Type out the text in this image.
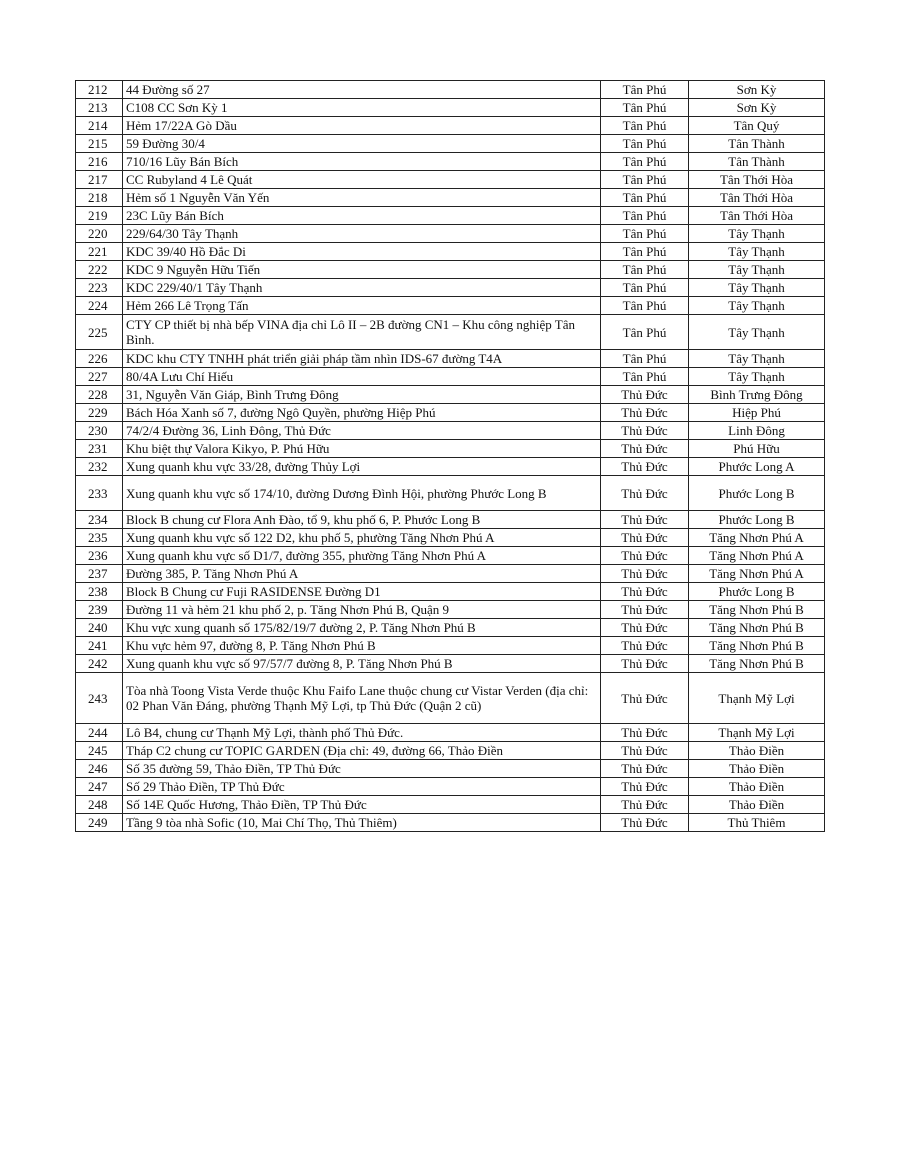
212	44 Đường số 27	Tân Phú	Sơn Kỳ
213	C108 CC Sơn Kỳ 1	Tân Phú	Sơn Kỳ
214	Hẻm 17/22A Gò Dầu	Tân Phú	Tân Quý
215	59 Đường 30/4	Tân Phú	Tân Thành
216	710/16 Lũy Bán Bích	Tân Phú	Tân Thành
217	CC Rubyland 4 Lê Quát	Tân Phú	Tân Thới Hòa
218	Hẻm số 1 Nguyễn Văn Yến	Tân Phú	Tân Thới Hòa
219	23C Lũy Bán Bích	Tân Phú	Tân Thới Hòa
220	229/64/30 Tây Thạnh	Tân Phú	Tây Thạnh
221	KDC 39/40 Hồ Đắc Di	Tân Phú	Tây Thạnh
222	KDC 9 Nguyễn Hữu Tiến	Tân Phú	Tây Thạnh
223	KDC 229/40/1 Tây Thạnh	Tân Phú	Tây Thạnh
224	Hẻm 266 Lê Trọng Tấn	Tân Phú	Tây Thạnh
225	CTY CP thiết bị nhà bếp VINA địa chỉ Lô II – 2B đường CN1 – Khu công nghiệp Tân Bình.	Tân Phú	Tây Thạnh
226	KDC khu CTY TNHH phát triển giải pháp tầm nhìn IDS-67 đường T4A	Tân Phú	Tây Thạnh
227	80/4A Lưu Chí Hiếu	Tân Phú	Tây Thạnh
228	31, Nguyễn Văn Giáp, Bình Trưng Đông	Thủ Đức	Bình Trưng Đông
229	Bách Hóa Xanh số 7, đường Ngô Quyền, phường Hiệp Phú	Thủ Đức	Hiệp Phú
230	74/2/4 Đường 36, Linh Đông, Thủ Đức	Thủ Đức	Linh Đông
231	Khu biệt thự Valora Kikyo, P. Phú Hữu	Thủ Đức	Phú Hữu
232	Xung quanh khu vực 33/28, đường Thủy Lợi	Thủ Đức	Phước Long A
233	Xung quanh khu vực số 174/10, đường Dương Đình Hội, phường Phước Long B	Thủ Đức	Phước Long B
234	Block B chung cư Flora Anh Đào, tổ 9, khu phố 6, P. Phước Long B	Thủ Đức	Phước Long B
235	Xung quanh khu vực số 122 D2, khu phố 5, phường Tăng Nhơn Phú A	Thủ Đức	Tăng Nhơn Phú A
236	Xung quanh khu vực số D1/7, đường 355, phường Tăng Nhơn Phú A	Thủ Đức	Tăng Nhơn Phú A
237	Đường 385, P. Tăng Nhơn Phú A	Thủ Đức	Tăng Nhơn Phú A
238	Block B Chung cư Fuji RASIDENSE Đường D1	Thủ Đức	Phước Long B
239	Đường 11 và hẻm 21 khu phố 2, p. Tăng Nhơn Phú B, Quận 9	Thủ Đức	Tăng Nhơn Phú B
240	Khu vực xung quanh số 175/82/19/7 đường 2, P. Tăng Nhơn Phú B	Thủ Đức	Tăng Nhơn Phú B
241	Khu vực hẻm 97, đường 8, P. Tăng Nhơn Phú B	Thủ Đức	Tăng Nhơn Phú B
242	Xung quanh khu vực số 97/57/7 đường 8, P. Tăng Nhơn Phú B	Thủ Đức	Tăng Nhơn Phú B
243	Tòa nhà Toong Vista Verde thuộc Khu Faifo Lane thuộc chung cư Vistar Verden (địa chỉ: 02 Phan Văn Đáng, phường Thạnh Mỹ Lợi, tp Thủ Đức (Quận 2 cũ)	Thủ Đức	Thạnh Mỹ Lợi
244	Lô B4, chung cư Thạnh Mỹ Lợi, thành phố Thủ Đức.	Thủ Đức	Thạnh Mỹ Lợi
245	Tháp C2 chung cư TOPIC GARDEN (Địa chỉ: 49, đường 66, Thảo Điền	Thủ Đức	Thảo Điền
246	Số 35 đường 59, Thảo Điền, TP Thủ Đức	Thủ Đức	Thảo Điền
247	Số 29 Thảo Điền, TP Thủ Đức	Thủ Đức	Thảo Điền
248	Số 14E Quốc Hương, Thảo Điền, TP Thủ Đức	Thủ Đức	Thảo Điền
249	Tầng 9 tòa nhà Sofic (10, Mai Chí Thọ, Thủ Thiêm)	Thủ Đức	Thủ Thiêm
